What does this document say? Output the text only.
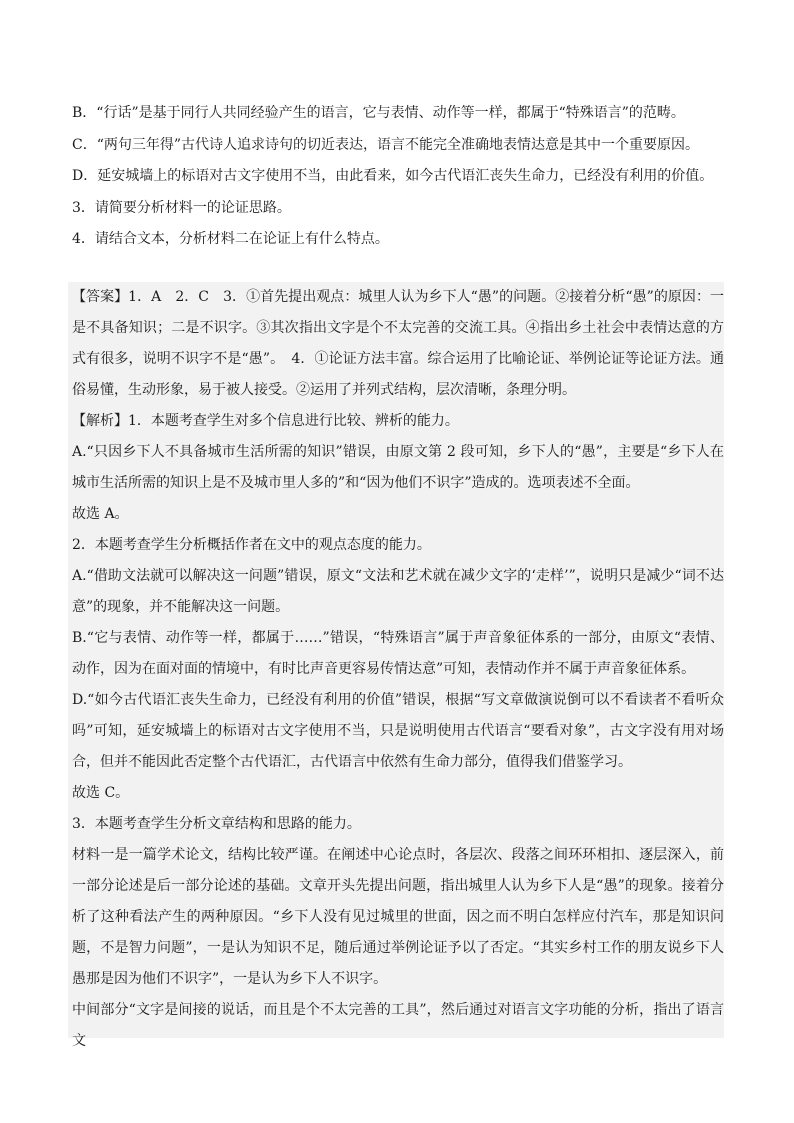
B．“行话”是基于同行人共同经验产生的语言，它与表情、动作等一样，都属于“特殊语言”的范畴。

C．“两句三年得”古代诗人追求诗句的切近表达，语言不能完全准确地表情达意是其中一个重要原因。

D．延安城墙上的标语对古文字使用不当，由此看来，如今古代语汇丧失生命力，已经没有利用的价值。

3．请简要分析材料一的论证思路。

4．请结合文本，分析材料二在论证上有什么特点。

【答案】1．A　2．C　3．①首先提出观点：城里人认为乡下人“愚”的问题。②接着分析“愚”的原因：一是不具备知识；二是不识字。③其次指出文字是个不太完善的交流工具。④指出乡土社会中表情达意的方式有很多，说明不识字不是“愚”。　4．①论证方法丰富。综合运用了比喻论证、举例论证等论证方法。通俗易懂，生动形象，易于被人接受。②运用了并列式结构，层次清晰，条理分明。

【解析】1．本题考查学生对多个信息进行比较、辨析的能力。

A.“只因乡下人不具备城市生活所需的知识”错误，由原文第 2 段可知，乡下人的“愚”，主要是“乡下人在城市生活所需的知识上是不及城市里人多的”和“因为他们不识字”造成的。选项表述不全面。

故选 A。

2．本题考查学生分析概括作者在文中的观点态度的能力。

A.“借助文法就可以解决这一问题”错误，原文“文法和艺术就在减少文字的‘走样’”，说明只是减少“词不达意”的现象，并不能解决这一问题。

B.“它与表情、动作等一样，都属于……”错误，“特殊语言”属于声音象征体系的一部分，由原文“表情、动作，因为在面对面的情境中，有时比声音更容易传情达意”可知，表情动作并不属于声音象征体系。

D.“如今古代语汇丧失生命力，已经没有利用的价值”错误，根据“写文章做演说倒可以不看读者不看听众吗”可知，延安城墙上的标语对古文字使用不当，只是说明使用古代语言“要看对象”，古文字没有用对场合，但并不能因此否定整个古代语汇，古代语言中依然有生命力部分，值得我们借鉴学习。

故选 C。

3．本题考查学生分析文章结构和思路的能力。

材料一是一篇学术论文，结构比较严谨。在阐述中心论点时，各层次、段落之间环环相扣、逐层深入，前一部分论述是后一部分论述的基础。文章开头先提出问题，指出城里人认为乡下人是“愚”的现象。接着分析了这种看法产生的两种原因。“乡下人没有见过城里的世面，因之而不明白怎样应付汽车，那是知识问题，不是智力问题”，一是认为知识不足，随后通过举例论证予以了否定。“其实乡村工作的朋友说乡下人愚那是因为他们不识字”，一是认为乡下人不识字。

中间部分“文字是间接的说话，而且是个不太完善的工具”，然后通过对语言文字功能的分析，指出了语言文
